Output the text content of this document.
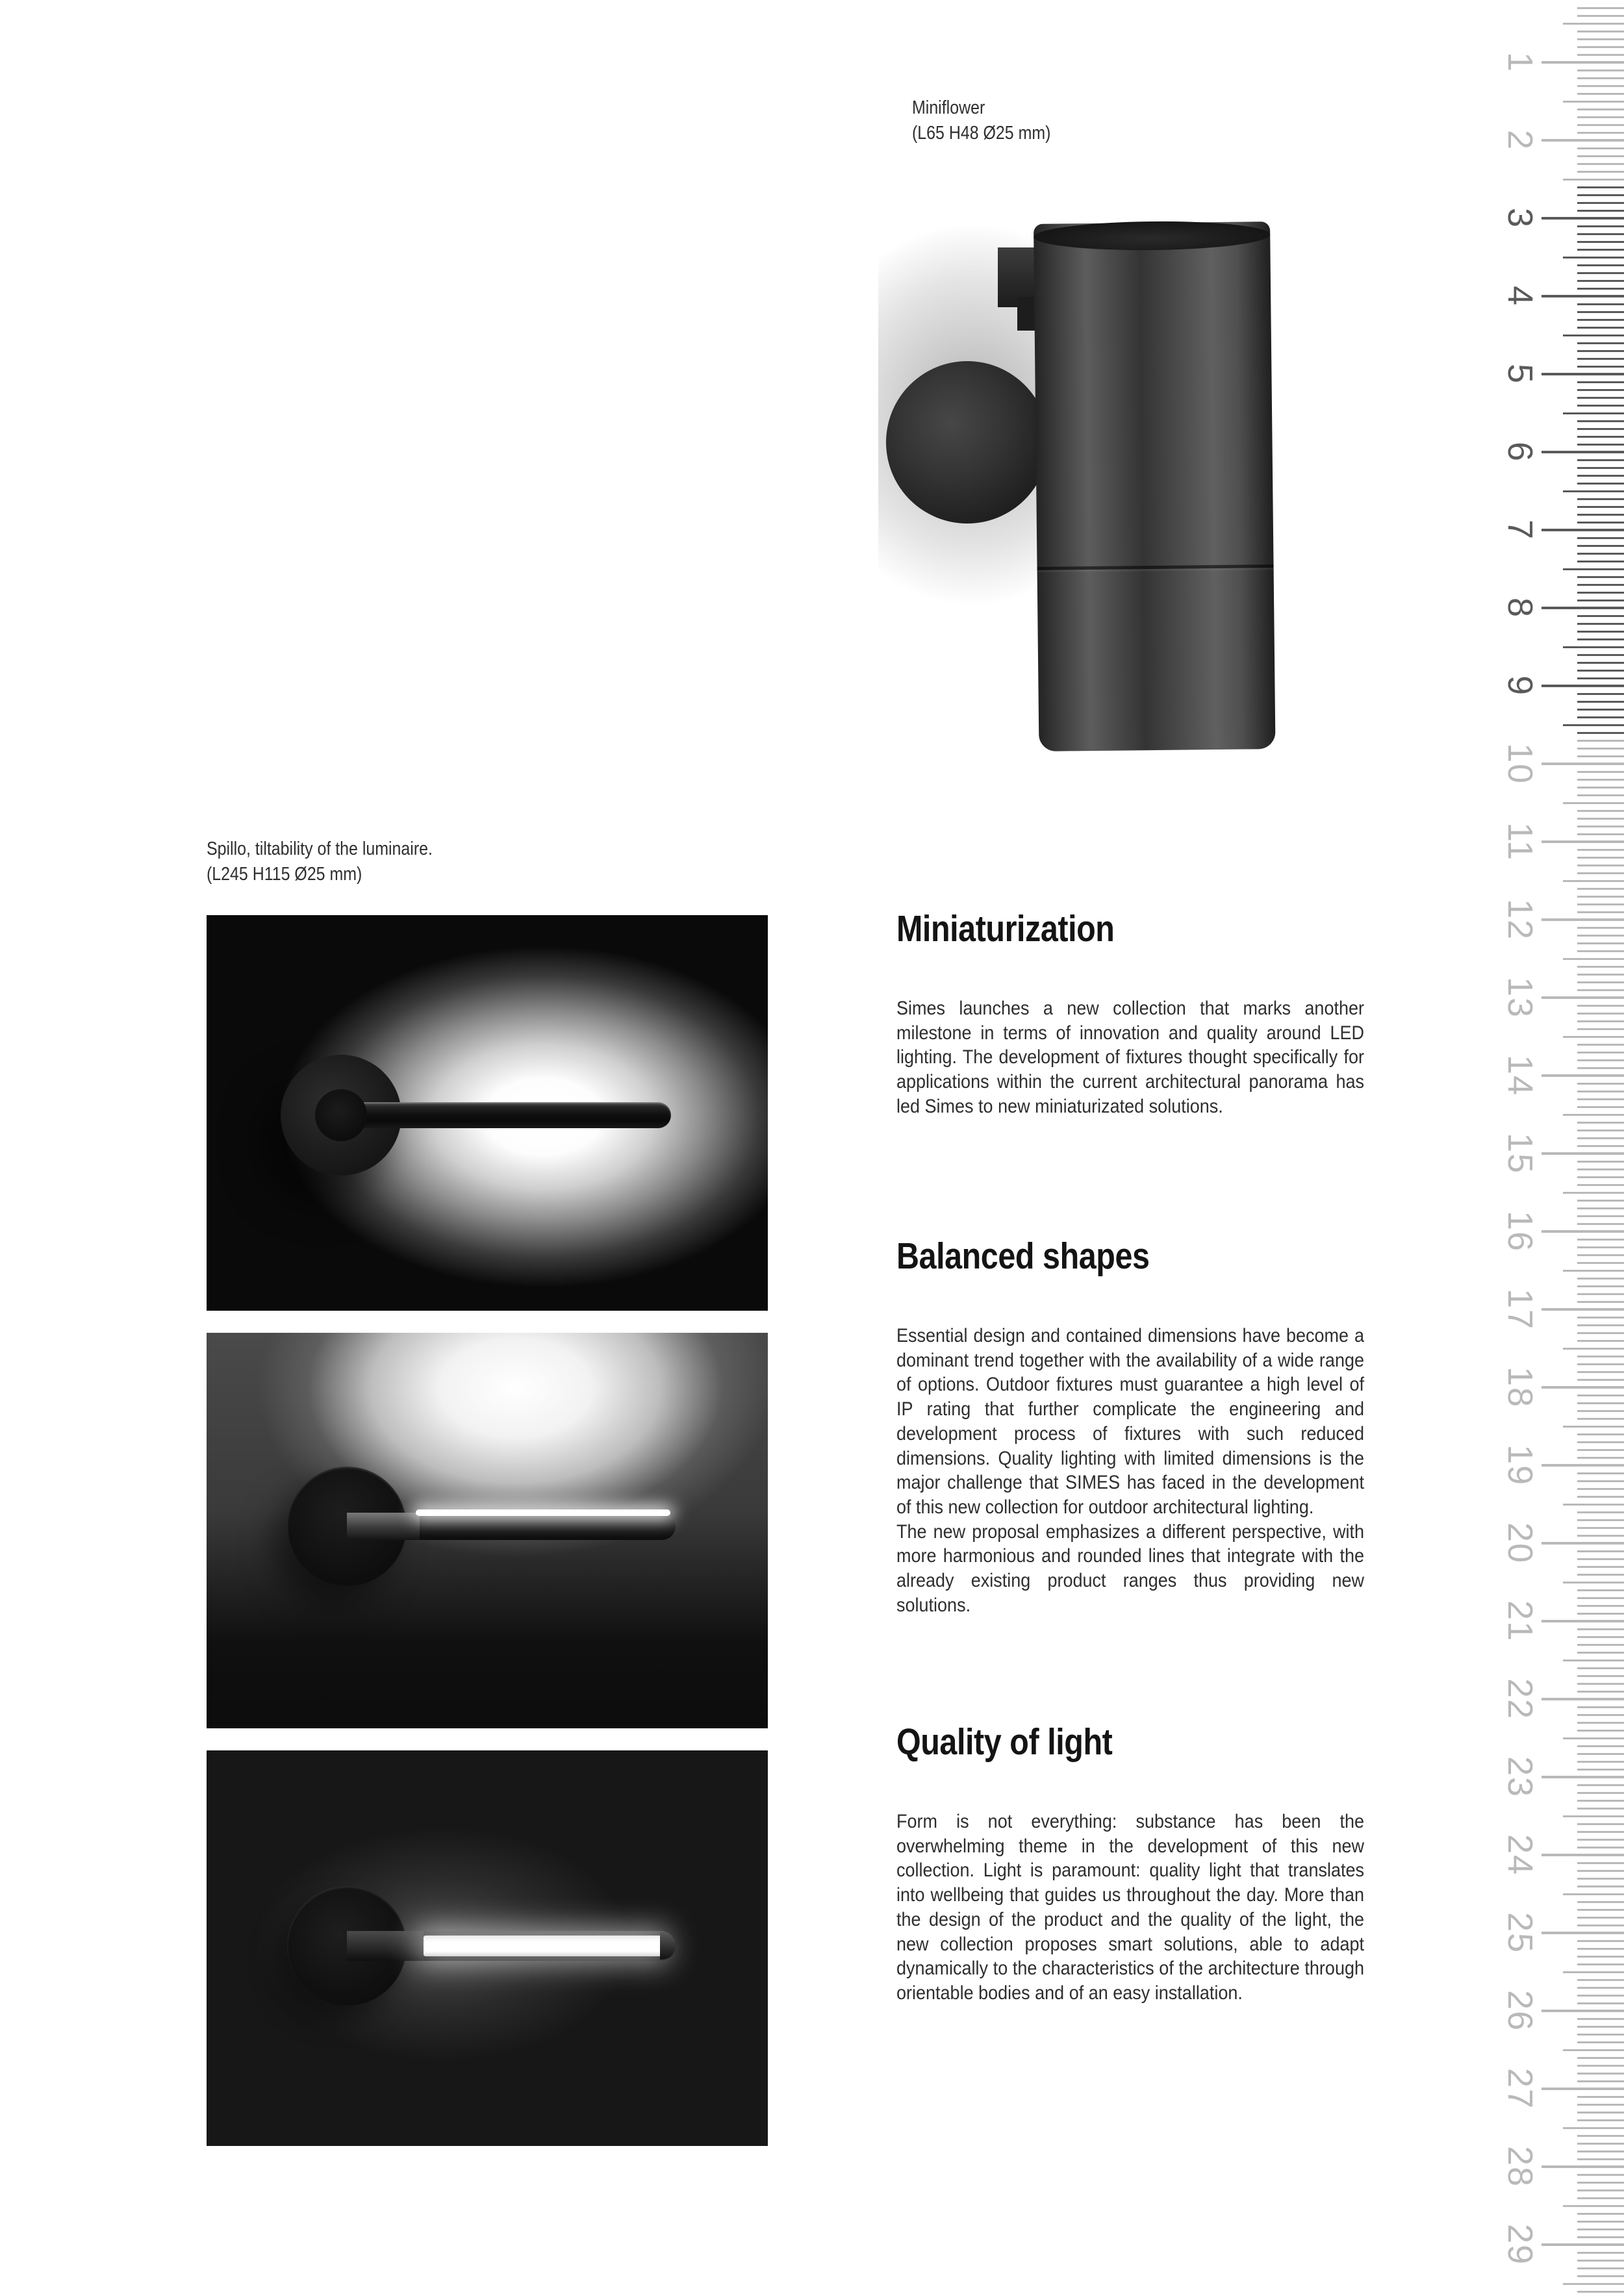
Miniflower
(L65 H48 Ø25 mm)
Spillo, tiltability of the luminaire.
(L245 H115 Ø25 mm)
Miniaturization

Simes launches a new collection that marks another milestone in terms of innovation and quality around LED lighting. The development of fixtures thought specifically for applications within the current architectural panorama has led Simes to new miniaturizated solutions.

Balanced shapes

Essential design and contained dimensions have become a dominant trend together with the availability of a wide range of options. Outdoor fixtures must guarantee a high level of IP rating that further complicate the engineering and development process of fixtures with such reduced dimensions. Quality lighting with limited dimensions is the major challenge that SIMES has faced in the development of this new collection for outdoor architectural lighting.

The new proposal emphasizes a different perspective, with more harmonious and rounded lines that integrate with the already existing product ranges thus providing new solutions.

Quality of light

Form is not everything: substance has been the overwhelming theme in the development of this new collection. Light is paramount: quality light that translates into wellbeing that guides us throughout the day. More than the design of the product and the quality of the light, the new collection proposes smart solutions, able to adapt dynamically to the characteristics of the architecture through orientable bodies and of an easy installation.

1
2
3
4
5
6
7
8
9
10
11
12
13
14
15
16
17
18
19
20
21
22
23
24
25
26
27
28
29
